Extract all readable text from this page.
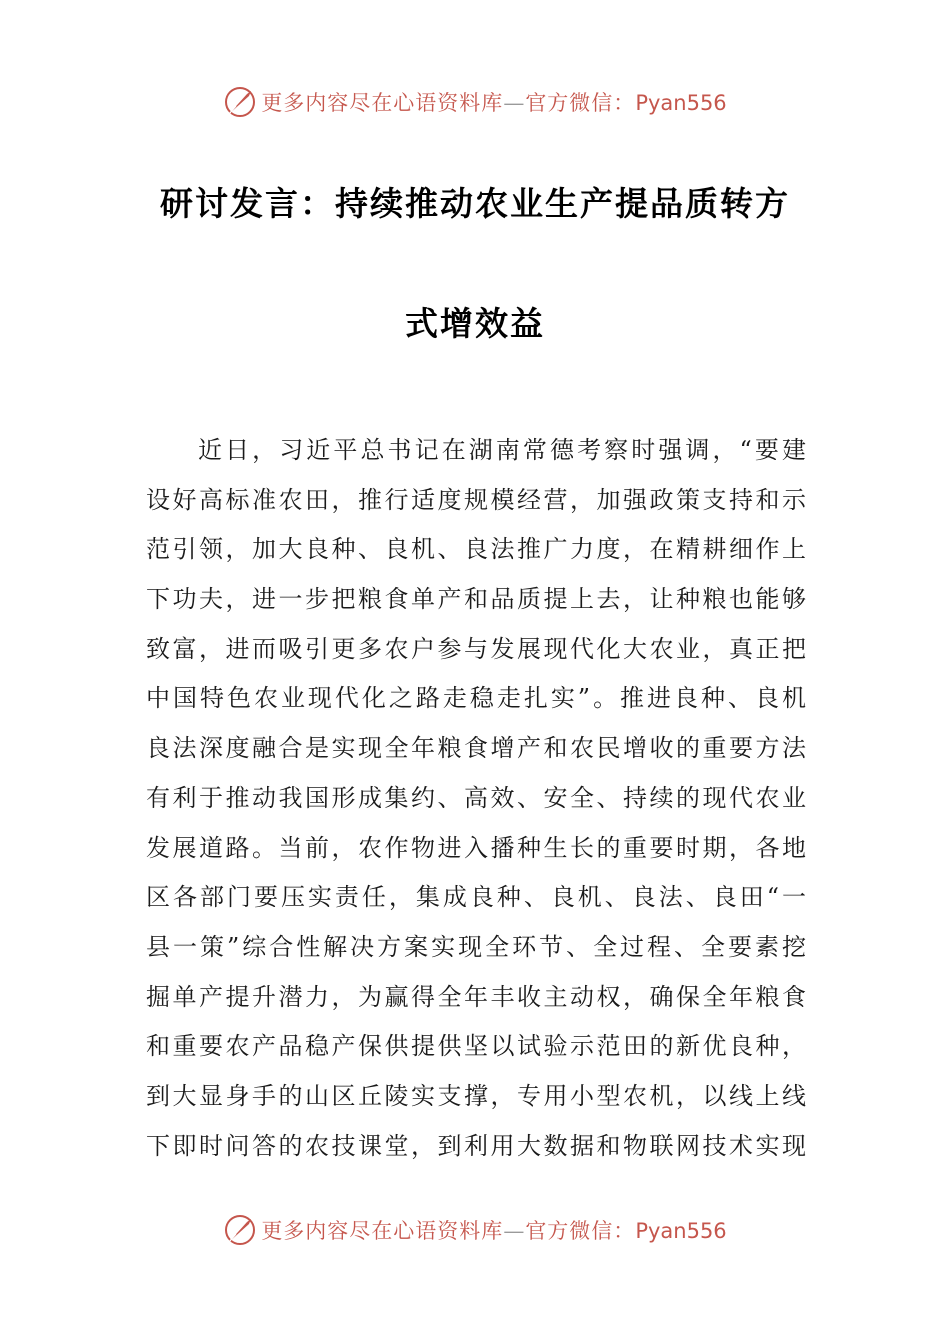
更多内容尽在心语资料库—官方微信：Pyan556
研讨发言：持续推动农业生产提品质转方
式增效益
近日，习近平总书记在湖南常德考察时强调，“要建
设好高标准农田，推行适度规模经营，加强政策支持和示
范引领，加大良种、良机、良法推广力度，在精耕细作上
下功夫，进一步把粮食单产和品质提上去，让种粮也能够
致富，进而吸引更多农户参与发展现代化大农业，真正把
中国特色农业现代化之路走稳走扎实”。推进良种、良机
良法深度融合是实现全年粮食增产和农民增收的重要方法
有利于推动我国形成集约、高效、安全、持续的现代农业
发展道路。当前，农作物进入播种生长的重要时期，各地
区各部门要压实责任，集成良种、良机、良法、良田“一
县一策”综合性解决方案实现全环节、全过程、全要素挖
掘单产提升潜力，为赢得全年丰收主动权，确保全年粮食
和重要农产品稳产保供提供坚以试验示范田的新优良种，
到大显身手的山区丘陵实支撑，专用小型农机，以线上线
下即时问答的农技课堂，到利用大数据和物联网技术实现
更多内容尽在心语资料库—官方微信：Pyan556
